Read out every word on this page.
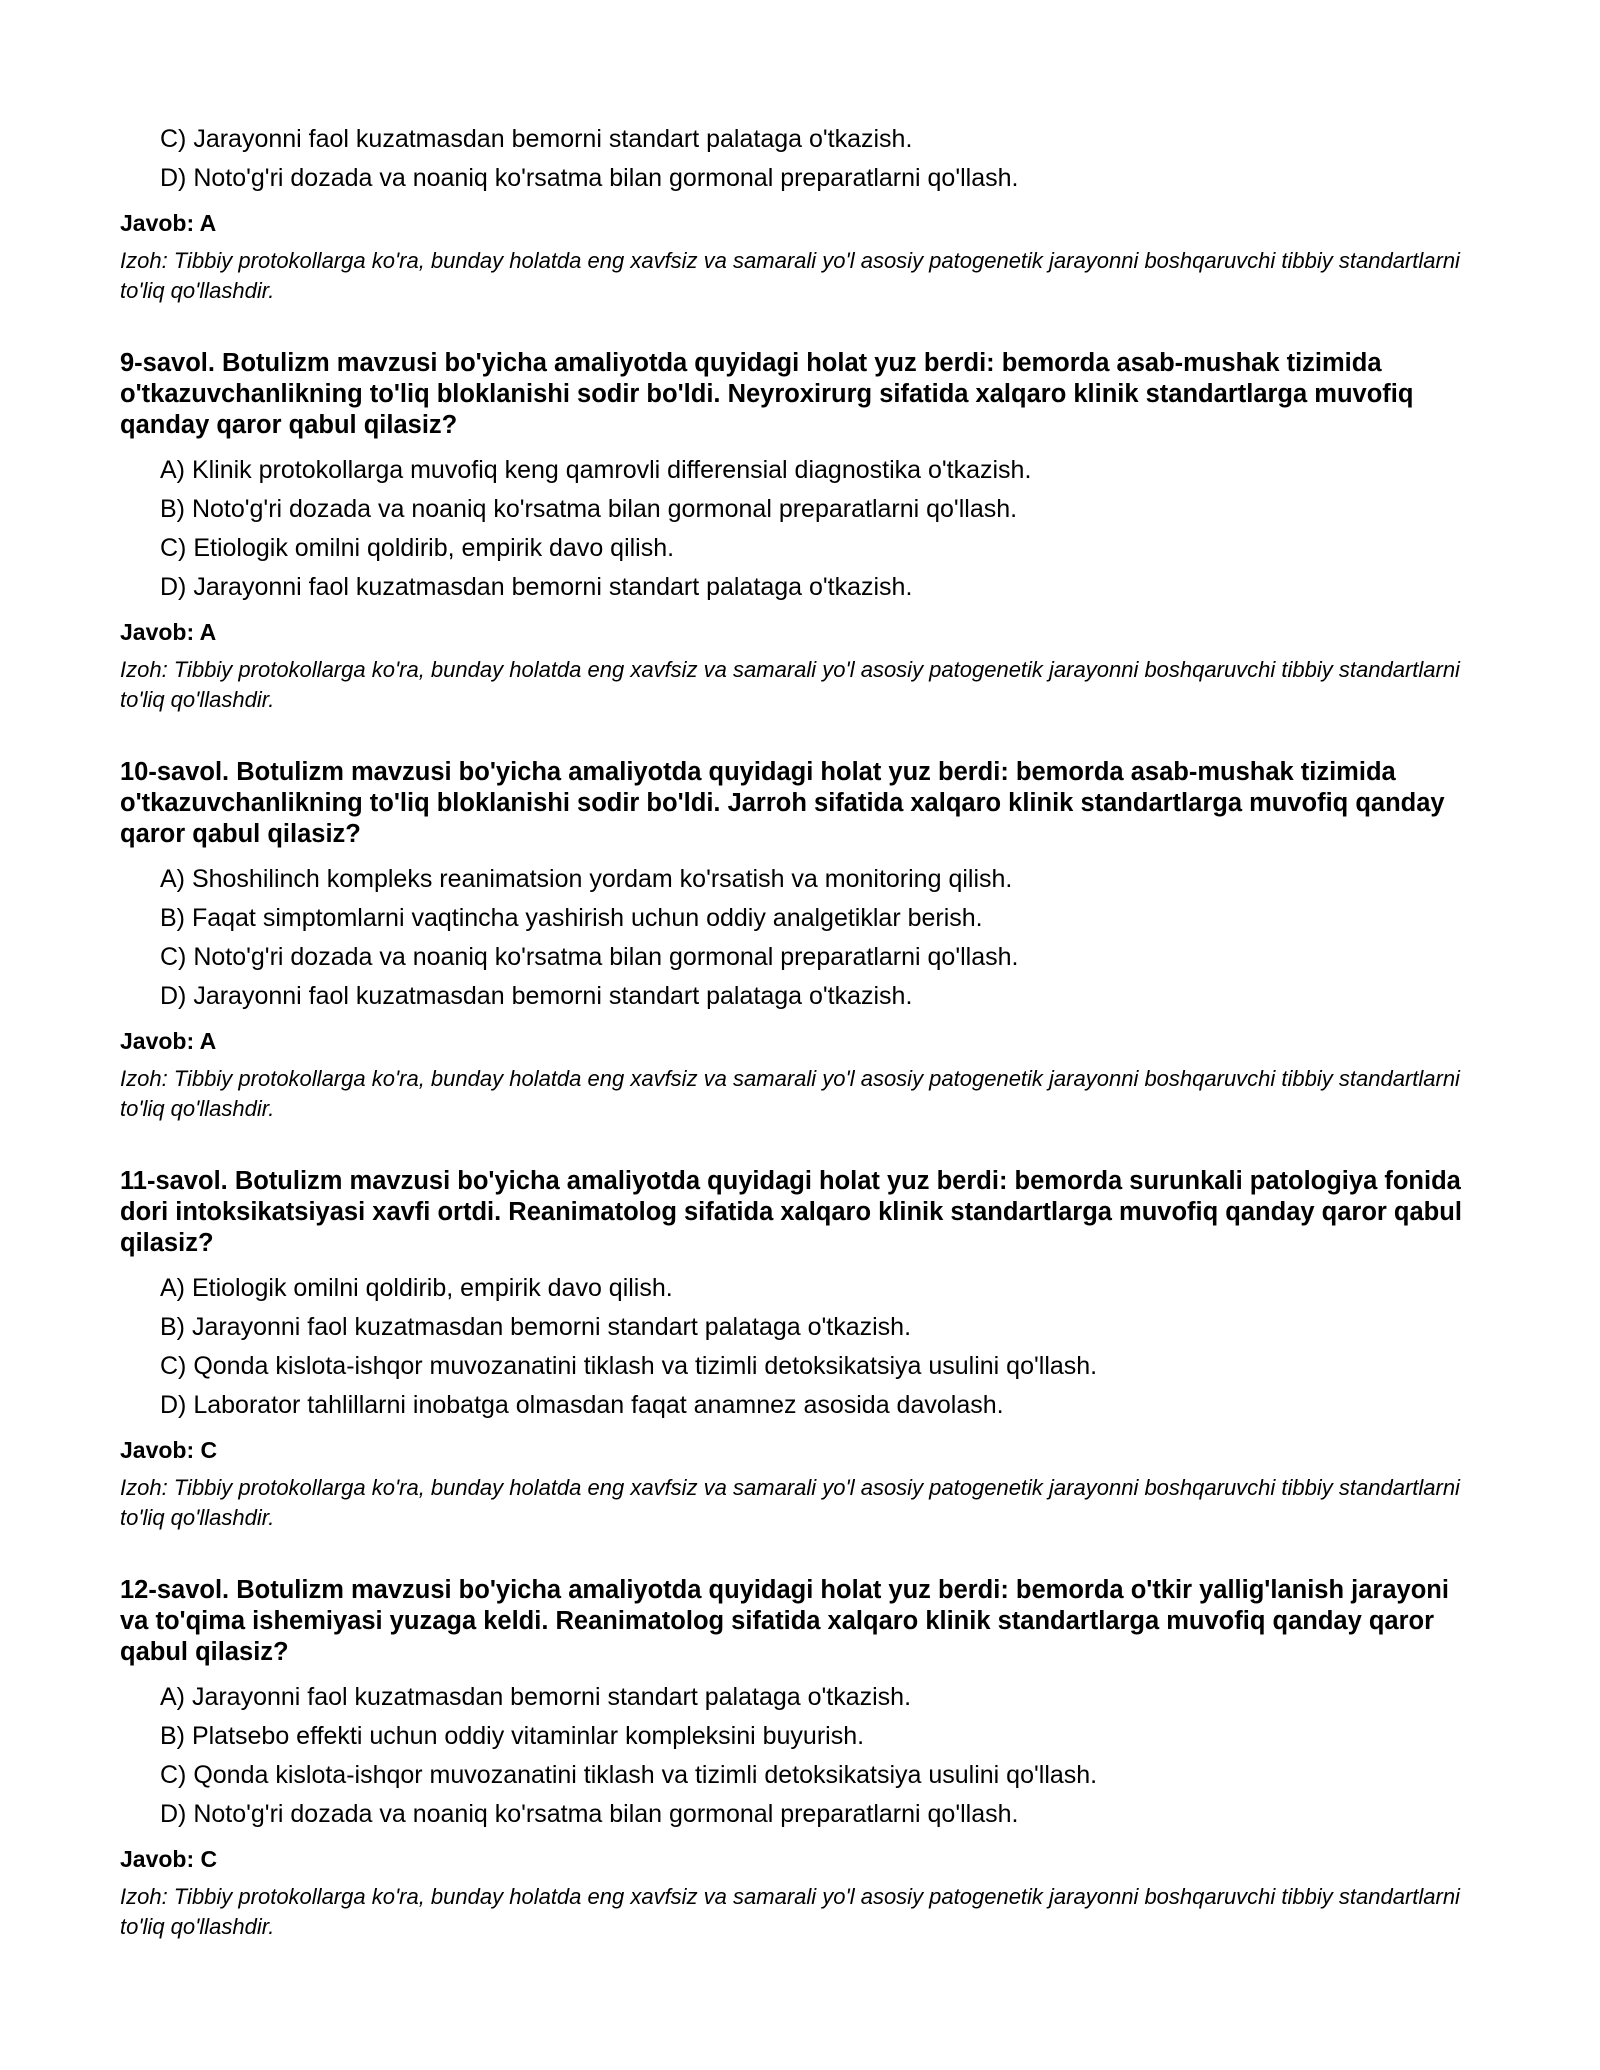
C) Jarayonni faol kuzatmasdan bemorni standart palataga o'tkazish.

D) Noto'g'ri dozada va noaniq ko'rsatma bilan gormonal preparatlarni qo'llash.

Javob: A

Izoh: Tibbiy protokollarga ko'ra, bunday holatda eng xavfsiz va samarali yo'l asosiy patogenetik jarayonni boshqaruvchi tibbiy standartlarni to'liq qo'llashdir.

9-savol. Botulizm mavzusi bo'yicha amaliyotda quyidagi holat yuz berdi: bemorda asab-mushak tizimida o'tkazuvchanlikning to'liq bloklanishi sodir bo'ldi. Neyroxirurg sifatida xalqaro klinik standartlarga muvofiq qanday qaror qabul qilasiz?

A) Klinik protokollarga muvofiq keng qamrovli differensial diagnostika o'tkazish.

B) Noto'g'ri dozada va noaniq ko'rsatma bilan gormonal preparatlarni qo'llash.

C) Etiologik omilni qoldirib, empirik davo qilish.

D) Jarayonni faol kuzatmasdan bemorni standart palataga o'tkazish.

Javob: A

Izoh: Tibbiy protokollarga ko'ra, bunday holatda eng xavfsiz va samarali yo'l asosiy patogenetik jarayonni boshqaruvchi tibbiy standartlarni to'liq qo'llashdir.

10-savol. Botulizm mavzusi bo'yicha amaliyotda quyidagi holat yuz berdi: bemorda asab-mushak tizimida o'tkazuvchanlikning to'liq bloklanishi sodir bo'ldi. Jarroh sifatida xalqaro klinik standartlarga muvofiq qanday qaror qabul qilasiz?

A) Shoshilinch kompleks reanimatsion yordam ko'rsatish va monitoring qilish.

B) Faqat simptomlarni vaqtincha yashirish uchun oddiy analgetiklar berish.

C) Noto'g'ri dozada va noaniq ko'rsatma bilan gormonal preparatlarni qo'llash.

D) Jarayonni faol kuzatmasdan bemorni standart palataga o'tkazish.

Javob: A

Izoh: Tibbiy protokollarga ko'ra, bunday holatda eng xavfsiz va samarali yo'l asosiy patogenetik jarayonni boshqaruvchi tibbiy standartlarni to'liq qo'llashdir.

11-savol. Botulizm mavzusi bo'yicha amaliyotda quyidagi holat yuz berdi: bemorda surunkali patologiya fonida dori intoksikatsiyasi xavfi ortdi. Reanimatolog sifatida xalqaro klinik standartlarga muvofiq qanday qaror qabul qilasiz?

A) Etiologik omilni qoldirib, empirik davo qilish.

B) Jarayonni faol kuzatmasdan bemorni standart palataga o'tkazish.

C) Qonda kislota-ishqor muvozanatini tiklash va tizimli detoksikatsiya usulini qo'llash.

D) Laborator tahlillarni inobatga olmasdan faqat anamnez asosida davolash.

Javob: C

Izoh: Tibbiy protokollarga ko'ra, bunday holatda eng xavfsiz va samarali yo'l asosiy patogenetik jarayonni boshqaruvchi tibbiy standartlarni to'liq qo'llashdir.

12-savol. Botulizm mavzusi bo'yicha amaliyotda quyidagi holat yuz berdi: bemorda o'tkir yallig'lanish jarayoni va to'qima ishemiyasi yuzaga keldi. Reanimatolog sifatida xalqaro klinik standartlarga muvofiq qanday qaror qabul qilasiz?

A) Jarayonni faol kuzatmasdan bemorni standart palataga o'tkazish.

B) Platsebo effekti uchun oddiy vitaminlar kompleksini buyurish.

C) Qonda kislota-ishqor muvozanatini tiklash va tizimli detoksikatsiya usulini qo'llash.

D) Noto'g'ri dozada va noaniq ko'rsatma bilan gormonal preparatlarni qo'llash.

Javob: C

Izoh: Tibbiy protokollarga ko'ra, bunday holatda eng xavfsiz va samarali yo'l asosiy patogenetik jarayonni boshqaruvchi tibbiy standartlarni to'liq qo'llashdir.
